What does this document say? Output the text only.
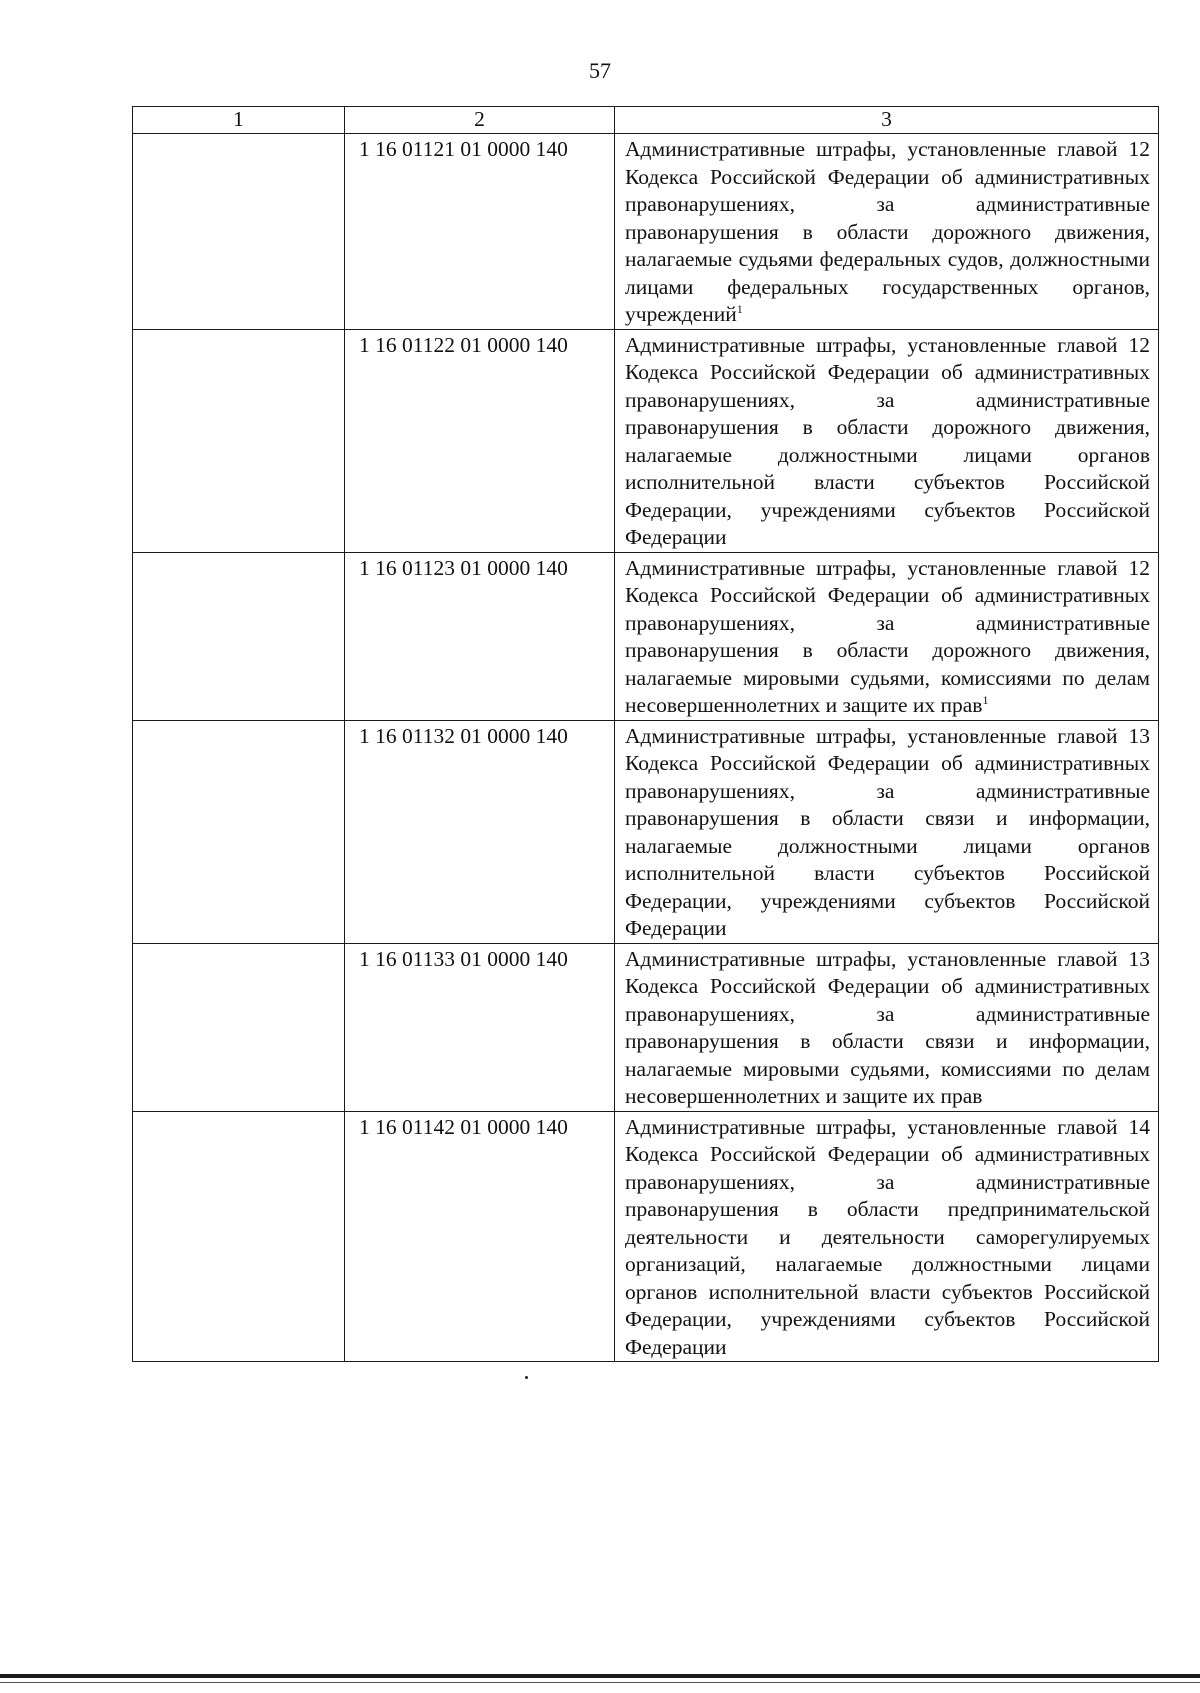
57
1	2	3
	1 16 01121 01 0000 140	Административные штрафы, установленные главой 12 Кодекса Российской Федерации об административных правонарушениях, за административные правонарушения в области дорожного движения, налагаемые судьями федеральных судов, должностными лицами федеральных государственных органов, учреждений$^1$
	1 16 01122 01 0000 140	Административные штрафы, установленные главой 12 Кодекса Российской Федерации об административных правонарушениях, за административные правонарушения в области дорожного движения, налагаемые должностными лицами органов исполнительной власти субъектов Российской Федерации, учреждениями субъектов Российской Федерации
	1 16 01123 01 0000 140	Административные штрафы, установленные главой 12 Кодекса Российской Федерации об административных правонарушениях, за административные правонарушения в области дорожного движения, налагаемые мировыми судьями, комиссиями по делам несовершеннолетних и защите их прав$^1$
	1 16 01132 01 0000 140	Административные штрафы, установленные главой 13 Кодекса Российской Федерации об административных правонарушениях, за административные правонарушения в области связи и информации, налагаемые должностными лицами органов исполнительной власти субъектов Российской Федерации, учреждениями субъектов Российской Федерации
	1 16 01133 01 0000 140	Административные штрафы, установленные главой 13 Кодекса Российской Федерации об административных правонарушениях, за административные правонарушения в области связи и информации, налагаемые мировыми судьями, комиссиями по делам несовершеннолетних и защите их прав
	1 16 01142 01 0000 140	Административные штрафы, установленные главой 14 Кодекса Российской Федерации об административных правонарушениях, за административные правонарушения в области предпринимательской деятельности и деятельности саморегулируемых организаций, налагаемые должностными лицами органов исполнительной власти субъектов Российской Федерации, учреждениями субъектов Российской Федерации
